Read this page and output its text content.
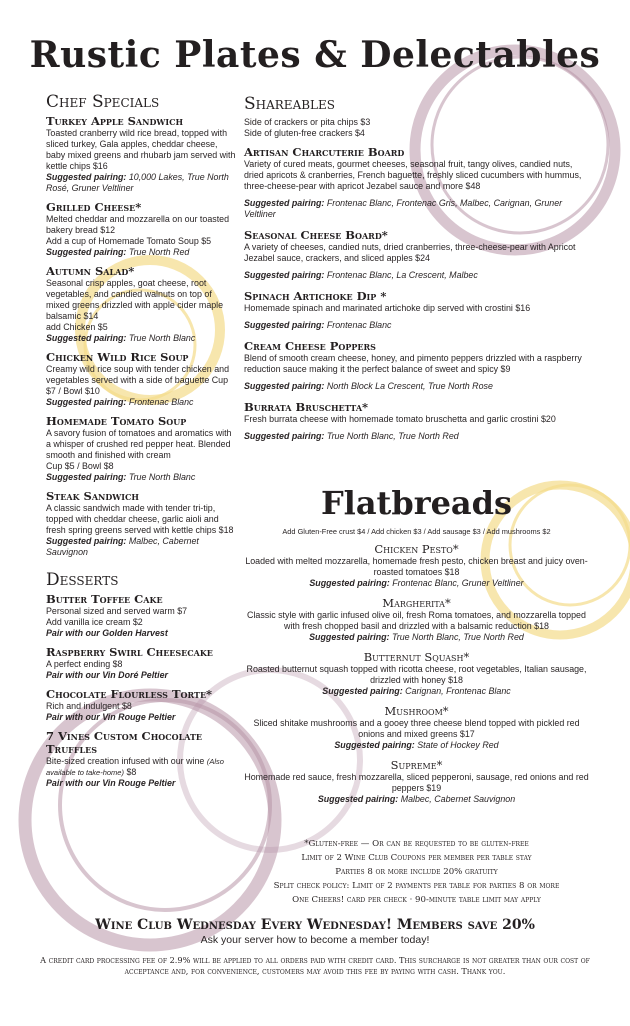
Rustic Plates & Delectables
Chef Specials
Turkey Apple Sandwich
Toasted cranberry wild rice bread, topped with sliced turkey, Gala apples, cheddar cheese, baby mixed greens and rhubarb jam served with kettle chips $16
Suggested pairing: 10,000 Lakes, True North Rosé, Gruner Veltliner
Grilled Cheese*
Melted cheddar and mozzarella on our toasted bakery bread $12
Add a cup of Homemade Tomato Soup $5
Suggested pairing: True North Red
Autumn Salad*
Seasonal crisp apples, goat cheese, root vegetables, and candied walnuts on top of mixed greens drizzled with apple cider maple balsamic $14
add Chicken $5
Suggested pairing: True North Blanc
Chicken Wild Rice Soup
Creamy wild rice soup with tender chicken and vegetables served with a side of baguette Cup $7 / Bowl $10
Suggested pairing: Frontenac Blanc
Homemade Tomato Soup
A savory fusion of tomatoes and aromatics with a whisper of crushed red pepper heat. Blended smooth and finished with cream
Cup $5 / Bowl $8
Suggested pairing: True North Blanc
Steak Sandwich
A classic sandwich made with tender tri-tip, topped with cheddar cheese, garlic aioli and fresh spring greens served with kettle chips $18
Suggested pairing: Malbec, Cabernet Sauvignon
Desserts
Butter Toffee Cake
Personal sized and served warm $7
Add vanilla ice cream $2
Pair with our Golden Harvest
Raspberry Swirl Cheesecake
A perfect ending $8
Pair with our Vin Doré Peltier
Chocolate Flourless Torte*
Rich and indulgent $8
Pair with our Vin Rouge Peltier
7 Vines Custom Chocolate Truffles
Bite-sized creation infused with our wine (Also available to take-home) $8
Pair with our Vin Rouge Peltier
Shareables
Side of crackers or pita chips $3
Side of gluten-free crackers $4
Artisan Charcuterie Board
Variety of cured meats, gourmet cheeses, seasonal fruit, tangy olives, candied nuts, dried apricots & cranberries, French baguette, freshly sliced cucumbers with hummus, three-cheese-pear with apricot Jezabel sauce and more $48
Suggested pairing: Frontenac Blanc, Frontenac Gris, Malbec, Carignan, Gruner Veltliner
Seasonal Cheese Board*
A variety of cheeses, candied nuts, dried cranberries, three-cheese-pear with Apricot Jezabel sauce, crackers, and sliced apples $24
Suggested pairing: Frontenac Blanc, La Crescent, Malbec
Spinach Artichoke Dip *
Homemade spinach and marinated artichoke dip served with crostini $16
Suggested pairing: Frontenac Blanc
Cream Cheese Poppers
Blend of smooth cream cheese, honey, and pimento peppers drizzled with a raspberry reduction sauce making it the perfect balance of sweet and spicy $9
Suggested pairing: North Block La Crescent, True North Rose
Burrata Bruschetta*
Fresh burrata cheese with homemade tomato bruschetta and garlic crostini $20
Suggested pairing: True North Blanc, True North Red
Flatbreads
Add Gluten-Free crust $4 / Add chicken $3 / Add sausage $3 / Add mushrooms $2
Chicken Pesto*
Loaded with melted mozzarella, homemade fresh pesto, chicken breast and juicy oven-roasted tomatoes $18
Suggested pairing: Frontenac Blanc, Gruner Veltliner
Margherita*
Classic style with garlic infused olive oil, fresh Roma tomatoes, and mozzarella topped with fresh chopped basil and drizzled with a balsamic reduction $18
Suggested pairing: True North Blanc, True North Red
Butternut Squash*
Roasted butternut squash topped with ricotta cheese, root vegetables, Italian sausage, drizzled with honey $18
Suggested pairing: Carignan, Frontenac Blanc
Mushroom*
Sliced shitake mushrooms and a gooey three cheese blend topped with pickled red onions and mixed greens $17
Suggested pairing: State of Hockey Red
Supreme*
Homemade red sauce, fresh mozzarella, sliced pepperoni, sausage, red onions and red peppers $19
Suggested pairing: Malbec, Cabernet Sauvignon
*Gluten-free — Or can be requested to be gluten-free
Limit of 2 Wine Club Coupons per member per table stay
Parties 8 or more include 20% gratuity
Split check policy: Limit of 2 payments per table for parties 8 or more
One Cheers! card per check · 90-minute table limit may apply
Wine Club Wednesday Every Wednesday! Members save 20%
Ask your server how to become a member today!
A credit card processing fee of 2.9% will be applied to all orders paid with credit card. This surcharge is not greater than our cost of acceptance and, for convenience, customers may avoid this fee by paying with cash. Thank you.
